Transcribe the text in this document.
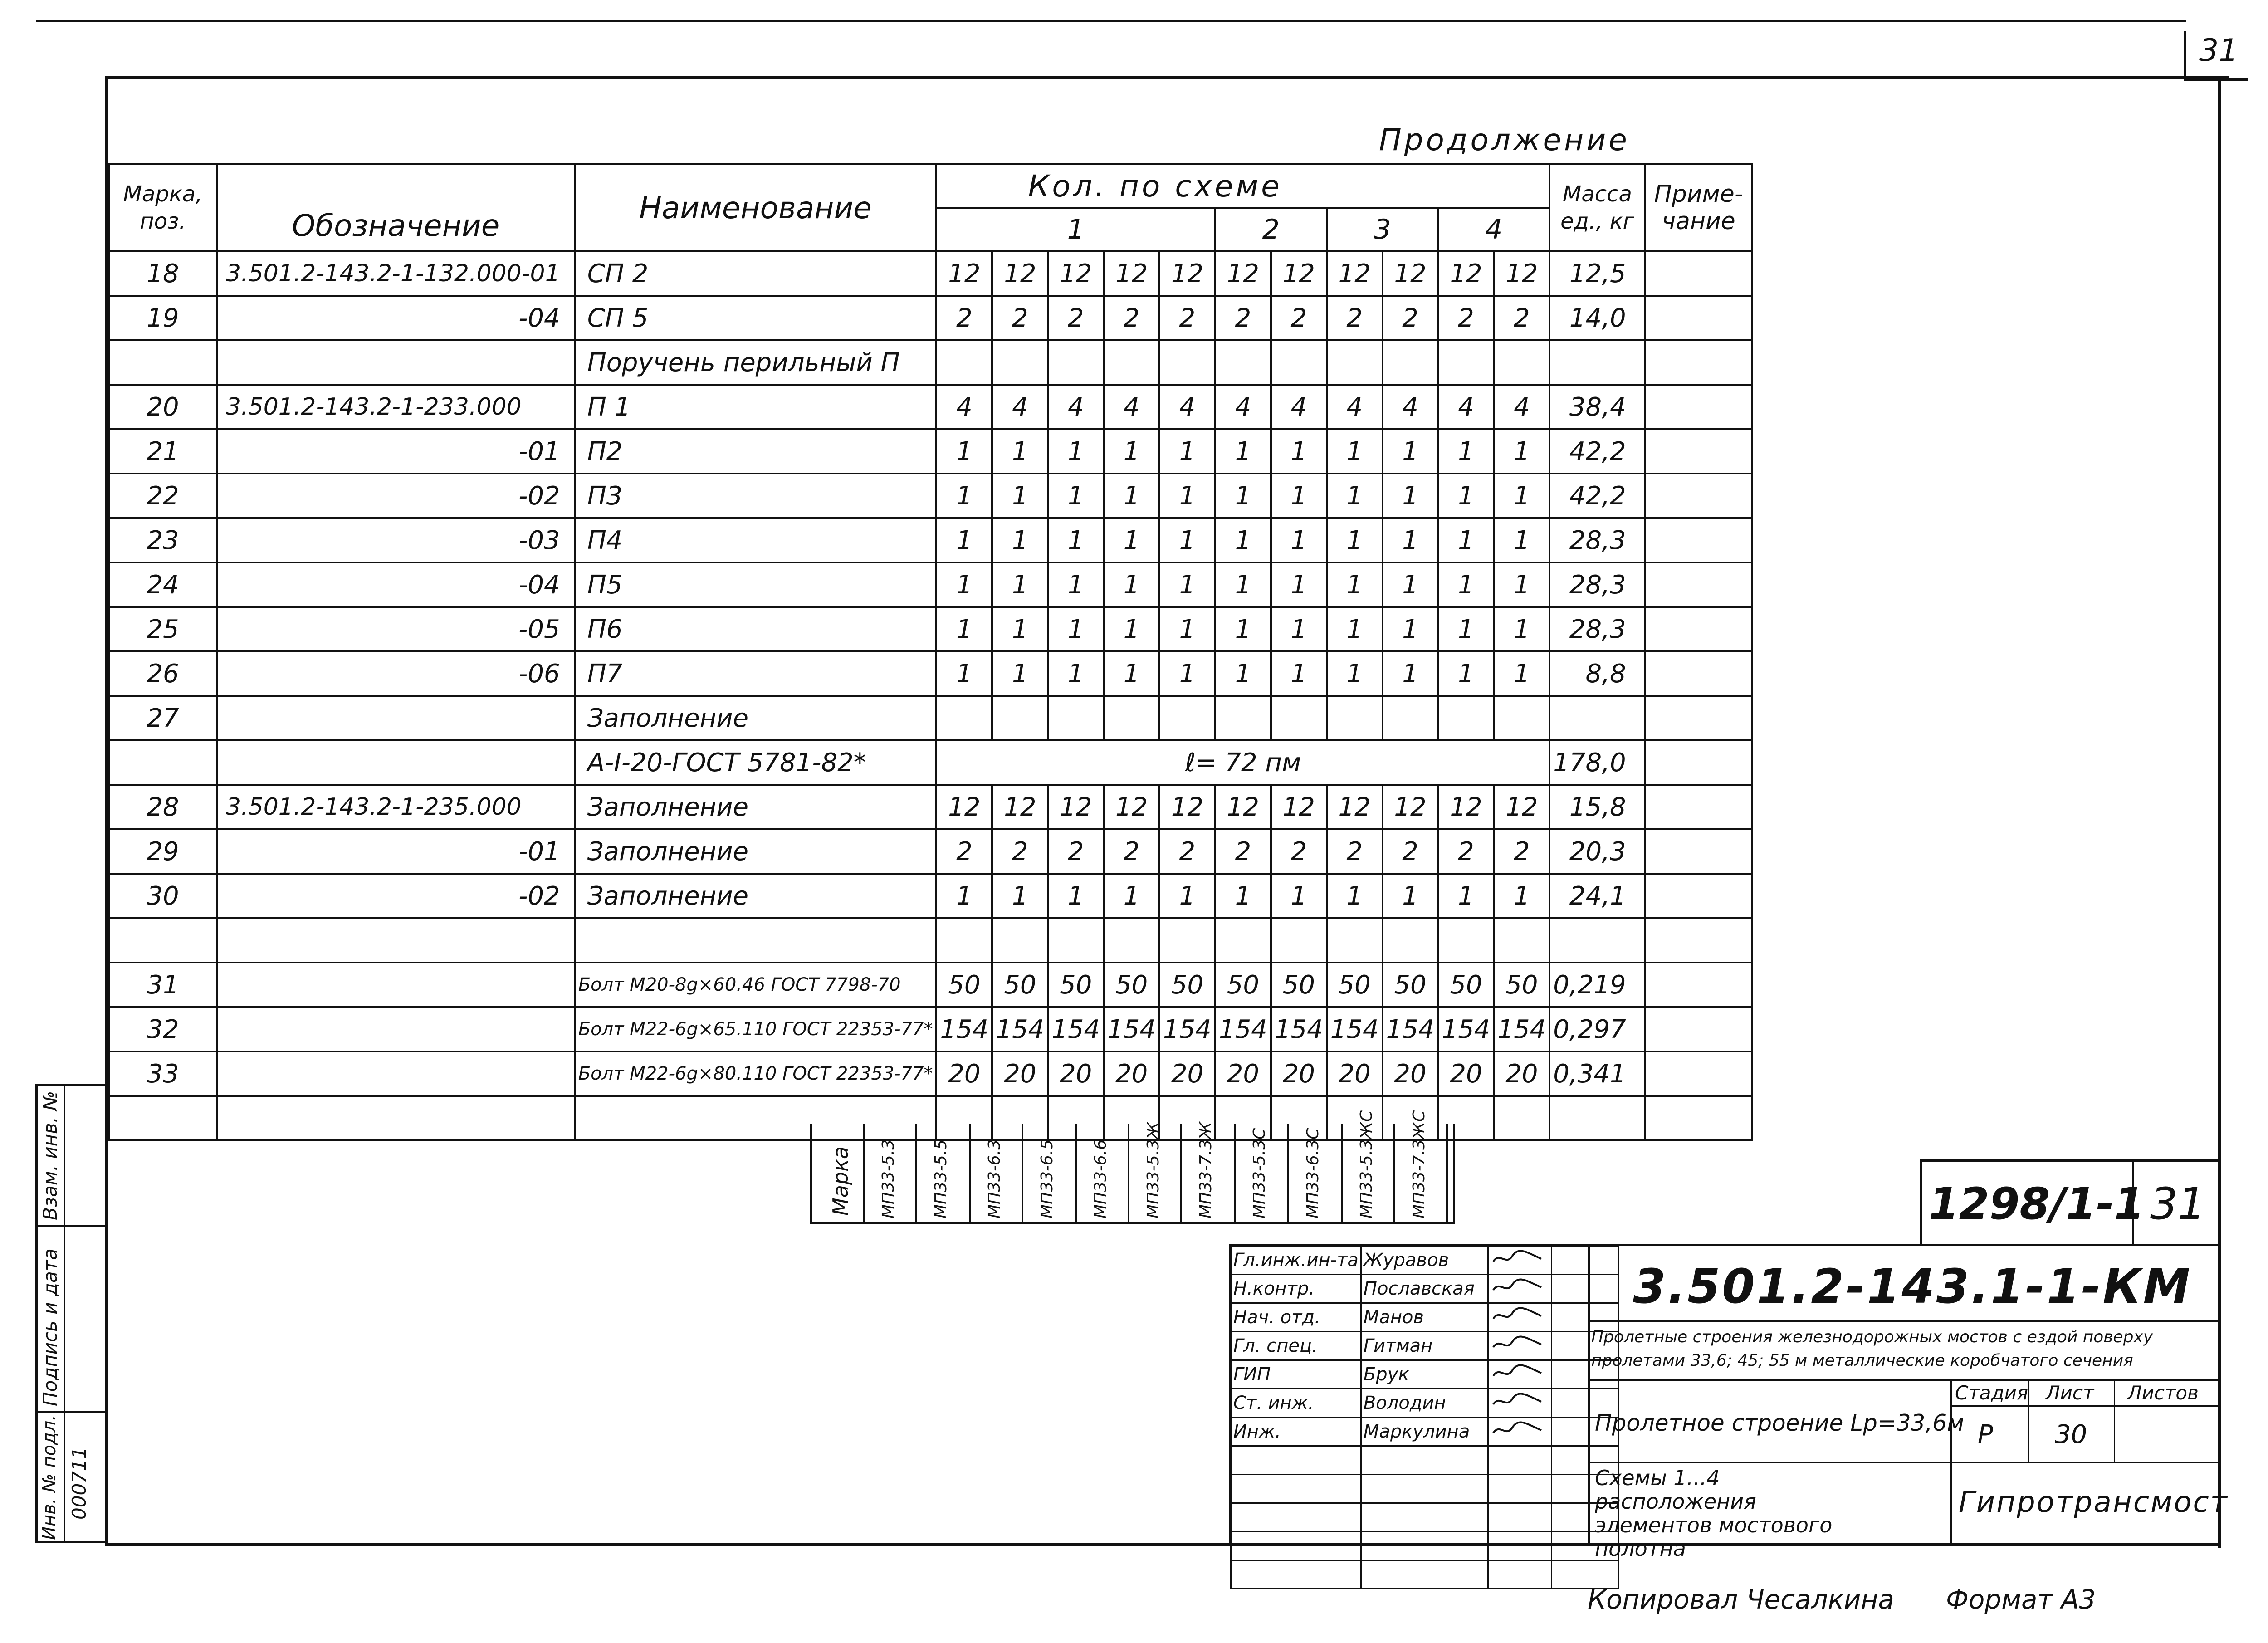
31
Продолжение
Марка, поз.	Обозначение	Наименование	Кол. по схеме											Масса ед., кг	Приме- чание
			1					2		3		4			
18	3.501.2-143.2-1-132.000-01	СП 2	12	12	12	12	12	12	12	12	12	12	12	12,5	
19	-04	СП 5	2	2	2	2	2	2	2	2	2	2	2	14,0	
		Поручень перильный П													
20	3.501.2-143.2-1-233.000	П 1	4	4	4	4	4	4	4	4	4	4	4	38,4	
21	-01	П2	1	1	1	1	1	1	1	1	1	1	1	42,2	
22	-02	П3	1	1	1	1	1	1	1	1	1	1	1	42,2	
23	-03	П4	1	1	1	1	1	1	1	1	1	1	1	28,3	
24	-04	П5	1	1	1	1	1	1	1	1	1	1	1	28,3	
25	-05	П6	1	1	1	1	1	1	1	1	1	1	1	28,3	
26	-06	П7	1	1	1	1	1	1	1	1	1	1	1	8,8	
27		Заполнение													
		A-I-20-ГОСТ 5781-82*	ℓ= 72 пм											178,0	
28	3.501.2-143.2-1-235.000	Заполнение	12	12	12	12	12	12	12	12	12	12	12	15,8	
29	-01	Заполнение	2	2	2	2	2	2	2	2	2	2	2	20,3	
30	-02	Заполнение	1	1	1	1	1	1	1	1	1	1	1	24,1	

31		Болт М20-8g×60.46 ГОСТ 7798-70	50	50	50	50	50	50	50	50	50	50	50	0,219	
32		Болт М22-6g×65.110 ГОСТ 22353-77*	154	154	154	154	154	154	154	154	154	154	154	0,297	
33		Болт М22-6g×80.110 ГОСТ 22353-77*	20	20	20	20	20	20	20	20	20	20	20	0,341	

Марка МП33-5.3 МП33-5.5 МП33-6.3 МП33-6.5 МП33-6.6 МП33-5.3Ж МП33-7.3Ж МП33-5.3С МП33-6.3С МП33-5.3ЖС МП33-7.3ЖС
Взам. инв. №
Подпись и дата
Инв. № подл. 000711
1298/1-1 31
3.501.2-143.1-1-КМ
Пролетные строения железнодорожных мостов с ездой поверху пролетами 33,6; 45; 55 м металлические коробчатого сечения
Пролетное строение Lр=33,6м
Стадия Лист Листов
Р 30
Схемы 1...4 расположения элементов мостового полотна
Гипротрансмост
Гл.инж.ин-та	Журавов		
Н.контр.	Пославская		
Нач. отд.	Манов		
Гл. спец.	Гитман		
ГИП	Брук		
Ст. инж.	Володин		
Инж.	Маркулина		

Копировал Чесалкина Формат А3
